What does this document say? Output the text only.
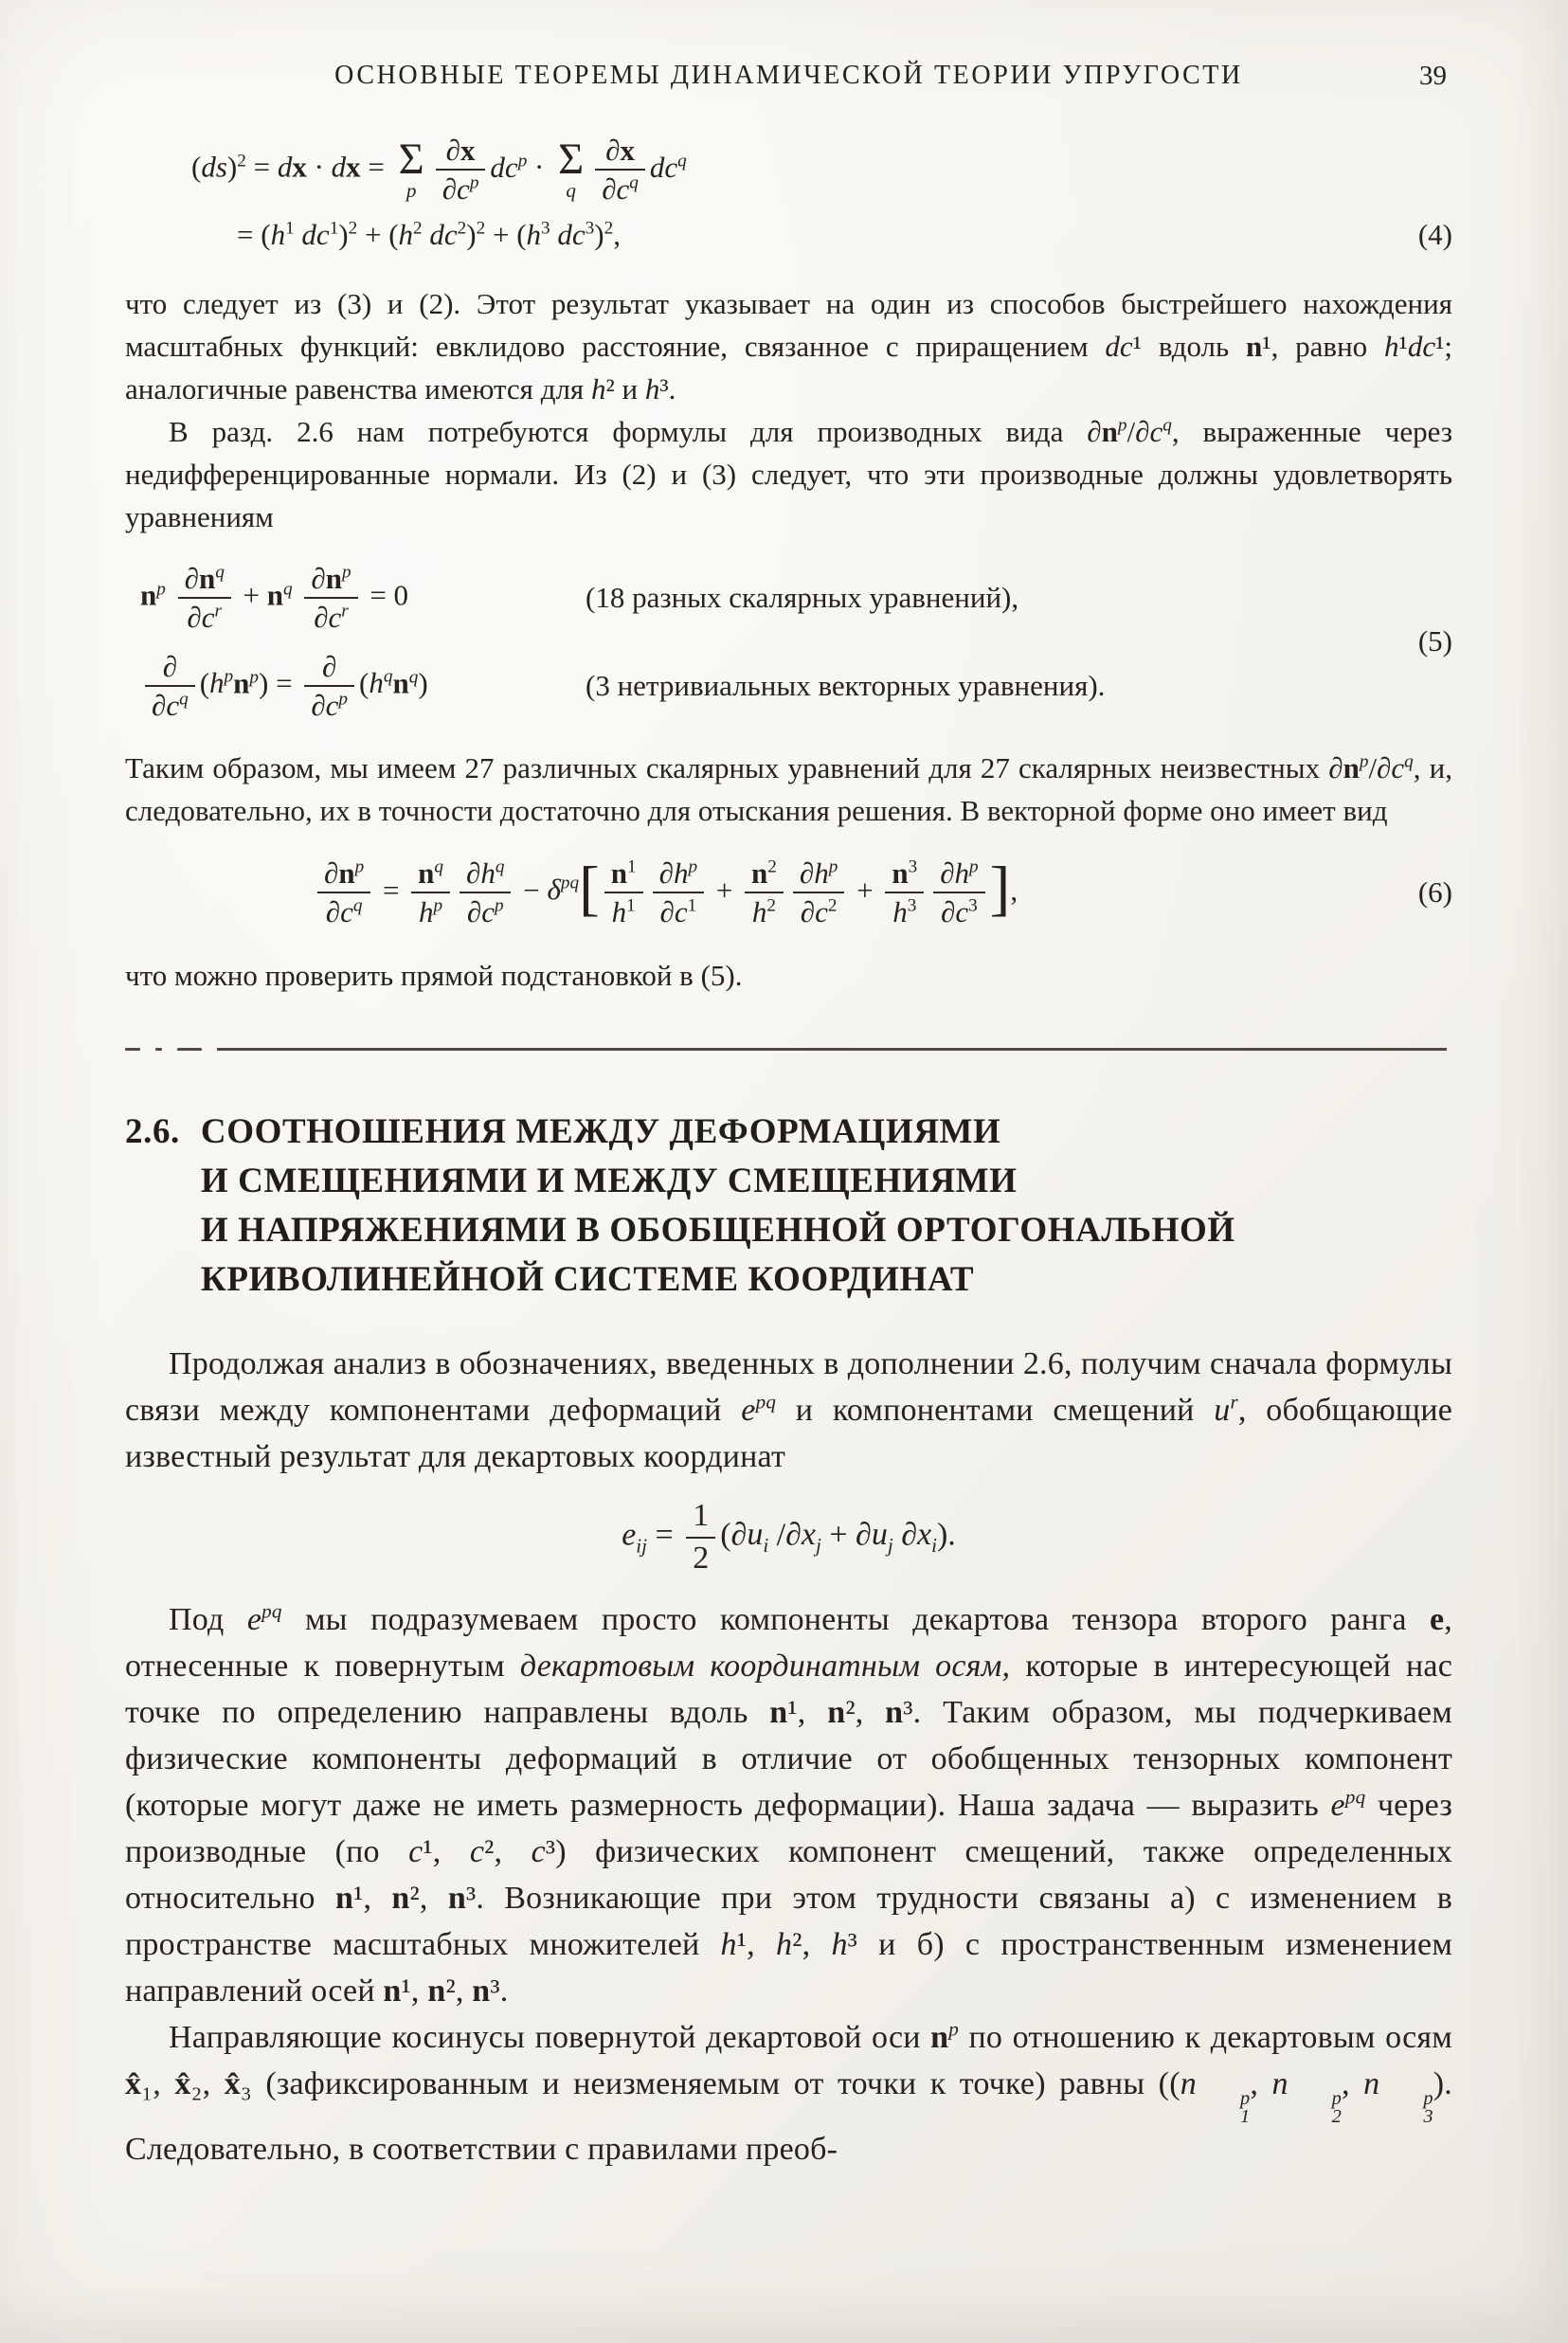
ОСНОВНЫЕ ТЕОРЕМЫ ДИНАМИЧЕСКОЙ ТЕОРИИ УПРУГОСТИ	39
(ds)$^2$ = dx · dx = Σ
p $\frac{\partial x}{\partial c^p} dc^p \cdot \Sigma$
q $\frac{\partial x}{\partial c^q} dc^q$
= ($h^1$ $dc^1)^2 + (h^2$ $dc^2)^2 + (h^3$ $dc^3)^2$,	(4)

что следует из (3) и (2). Этот результат указывает на один из способов быстрейшего нахождения масштабных функций: евклидово расстояние, связанное с приращением dc¹ вдоль n¹, равно h¹dc¹; аналогичные равенства имеются для h² и h³.

В разд. 2.6 нам потребуются формулы для производных вида $\partial n^p/\partial c^q$, выраженные через недифференцированные нормали. Из (2) и (3) следует, что эти производные должны удовлетворять уравнениям

$n^p \frac{\partial n^q}{\partial c^r} + n^q \frac{\partial n^p}{\partial c^r} = 0$	(18 разных скалярных уравнений),
$\frac{\partial}{\partial c^q} (h^pn^p) = \frac{\partial}{\partial c^p} (h^qn^q)$	(3 нетривиальных векторных уравнения).
(5)

Таким образом, мы имеем 27 различных скалярных уравнений для 27 скалярных неизвестных $\partial n^p/\partial c^q$, и, следовательно, их в точности достаточно для отыскания решения. В векторной форме оно имеет вид

$\frac{\partial n^p}{\partial c^q} = \frac{n^q}{h^p} \frac{\partial h^q}{\partial c^p} - \delta^{pq}[ \frac{n^1}{h^1} \frac{\partial h^p}{\partial c^1} + \frac{n^2}{h^2} \frac{\partial h^p}{\partial c^2} + \frac{n^3}{h^3} \frac{\partial h^p}{\partial c^3}$ ],	(6)

что можно проверить прямой подстановкой в (5).

2.6. СООТНОШЕНИЯ МЕЖДУ ДЕФОРМАЦИЯМИ
И СМЕЩЕНИЯМИ И МЕЖДУ СМЕЩЕНИЯМИ
И НАПРЯЖЕНИЯМИ В ОБОБЩЕННОЙ ОРТОГОНАЛЬНОЙ
КРИВОЛИНЕЙНОЙ СИСТЕМЕ КООРДИНАТ

Продолжая анализ в обозначениях, введенных в дополнении 2.6, получим сначала формулы связи между компонентами деформаций $e^{pq}$ и компонентами смещений $u^r$, обобщающие известный результат для декартовых координат

$e_{ij} = \frac{1}{2} (\partial u_i$ $/\partial x_j + \partial u_j$ $\partial x_i$).

Под $e^{pq}$ мы подразумеваем просто компоненты декартова тензора второго ранга e, отнесенные к повернутым декартовым координатным осям, которые в интересующей нас точке по определению направлены вдоль n¹, n², n³. Таким образом, мы подчеркиваем физические компоненты деформаций в отличие от обобщенных тензорных компонент (которые могут даже не иметь размерность деформации). Наша задача — выразить $e^{pq}$ через производные (по c¹, c², c³) физических компонент смещений, также определенных относительно n¹, n², n³. Возникающие при этом трудности связаны а) с изменением в пространстве масштабных множителей h¹, h², h³ и б) с пространственным изменением направлений осей n¹, n², n³.

Направляющие косинусы повернутой декартовой оси $n^p$ по отношению к декартовым осям x̂₁, x̂₂, x̂₃ (зафиксированным и неизменяемым от точки к точке) равны ((n	p
1
, n	p
2
, n	p
3
). Следовательно, в соответствии с правилами преоб-
